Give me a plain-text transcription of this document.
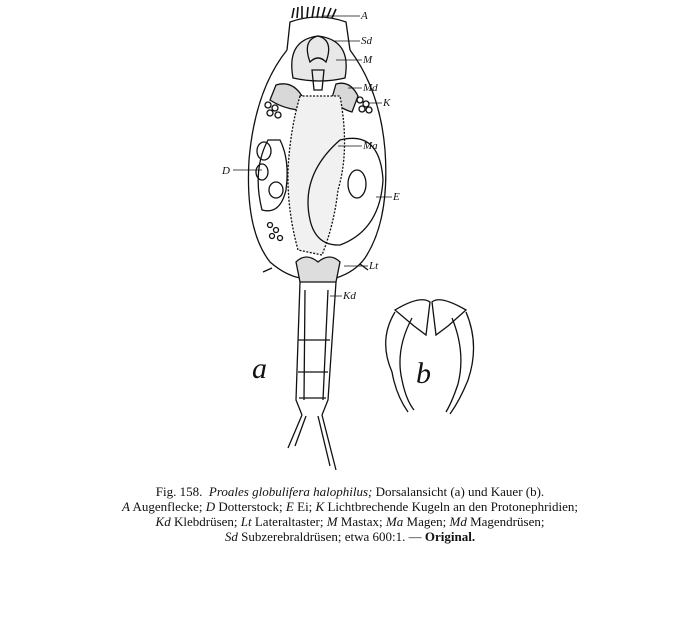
A
Sd
M
Md
K
Ma
D
E
Lt
Kd
a	b
Fig. 158. Proales globulifera halophilus; Dorsalansicht (a) und Kauer (b).
A Augenflecke; D Dotterstock; E Ei; K Lichtbrechende Kugeln an den Protonephridien;
Kd Klebdrüsen; Lt Lateraltaster; M Mastax; Ma Magen; Md Magendrüsen;
Sd Subzerebraldrüsen; etwa 600:1. — Original.
